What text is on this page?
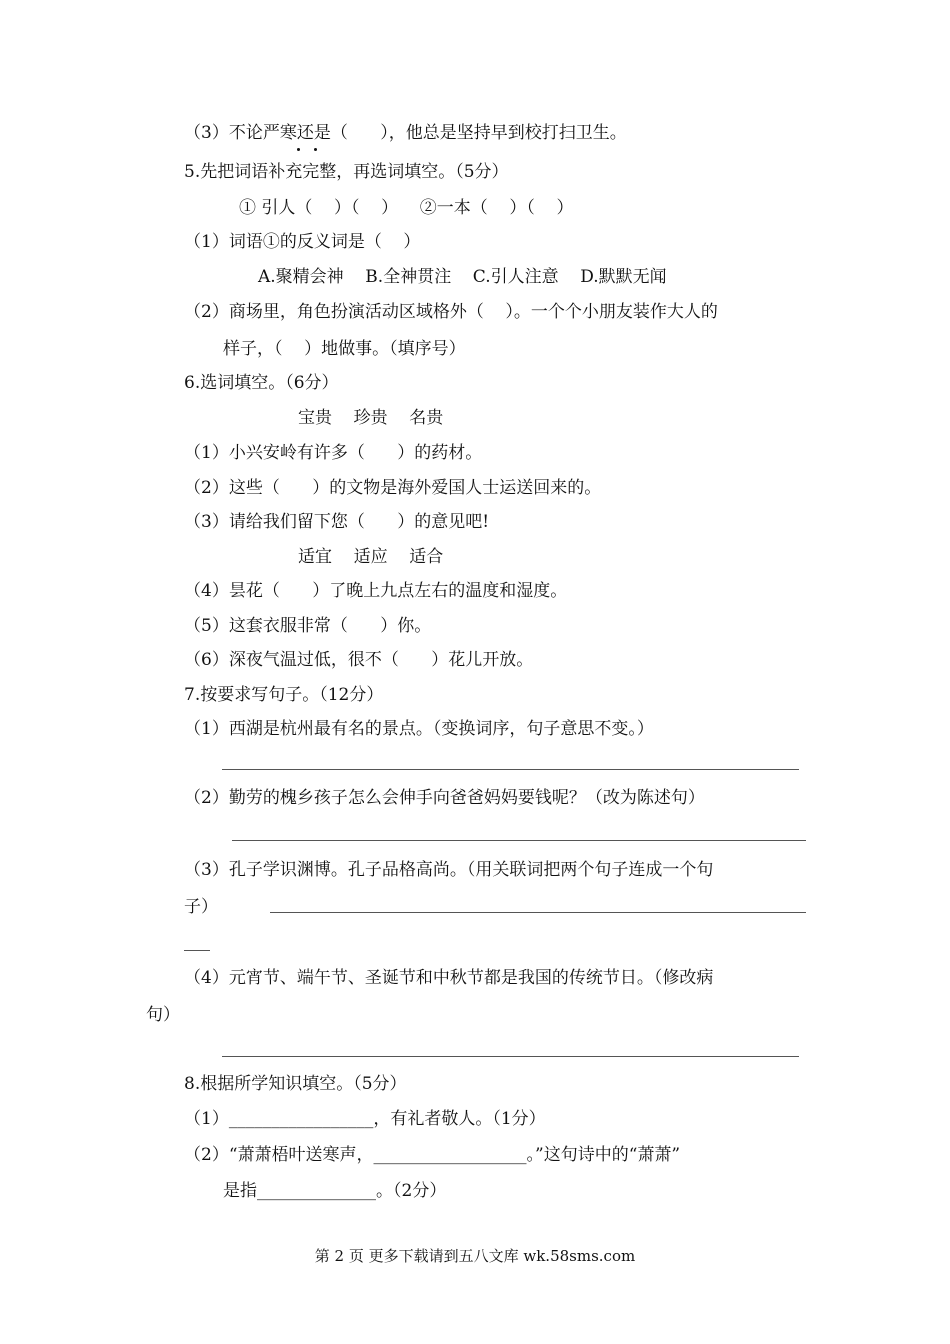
（3）不论严寒还是（      ），他总是坚持早到校打扫卫生。
5.先把词语补充完整，再选词填空。（5分）
① 引人（    ）（    ）    ②一本（    ）（    ）
（1）词语①的反义词是（    ）
A.聚精会神    B.全神贯注    C.引人注意    D.默默无闻
（2）商场里，角色扮演活动区域格外（    ）。一个个小朋友装作大人的
样子，（    ）地做事。（填序号）
6.选词填空。（6分）
宝贵    珍贵    名贵
（1）小兴安岭有许多（      ）的药材。
（2）这些（      ）的文物是海外爱国人士运送回来的。
（3）请给我们留下您（      ）的意见吧!
适宜    适应    适合
（4）昙花（      ）了晚上九点左右的温度和湿度。
（5）这套衣服非常（      ）你。
（6）深夜气温过低，很不（      ）花儿开放。
7.按要求写句子。（12分）
（1）西湖是杭州最有名的景点。（变换词序，句子意思不变。）
（2）勤劳的槐乡孩子怎么会伸手向爸爸妈妈要钱呢？（改为陈述句）
（3）孔子学识渊博。孔子品格高尚。（用关联词把两个句子连成一个句
子）
（4）元宵节、端午节、圣诞节和中秋节都是我国的传统节日。（修改病
句）
8.根据所学知识填空。（5分）
（1）_________________，有礼者敬人。（1分）
（2）“萧萧梧叶送寒声，__________________。”这句诗中的“萧萧”
是指______________。（2分）
第 2 页 更多下载请到五八文库 wk.58sms.com
